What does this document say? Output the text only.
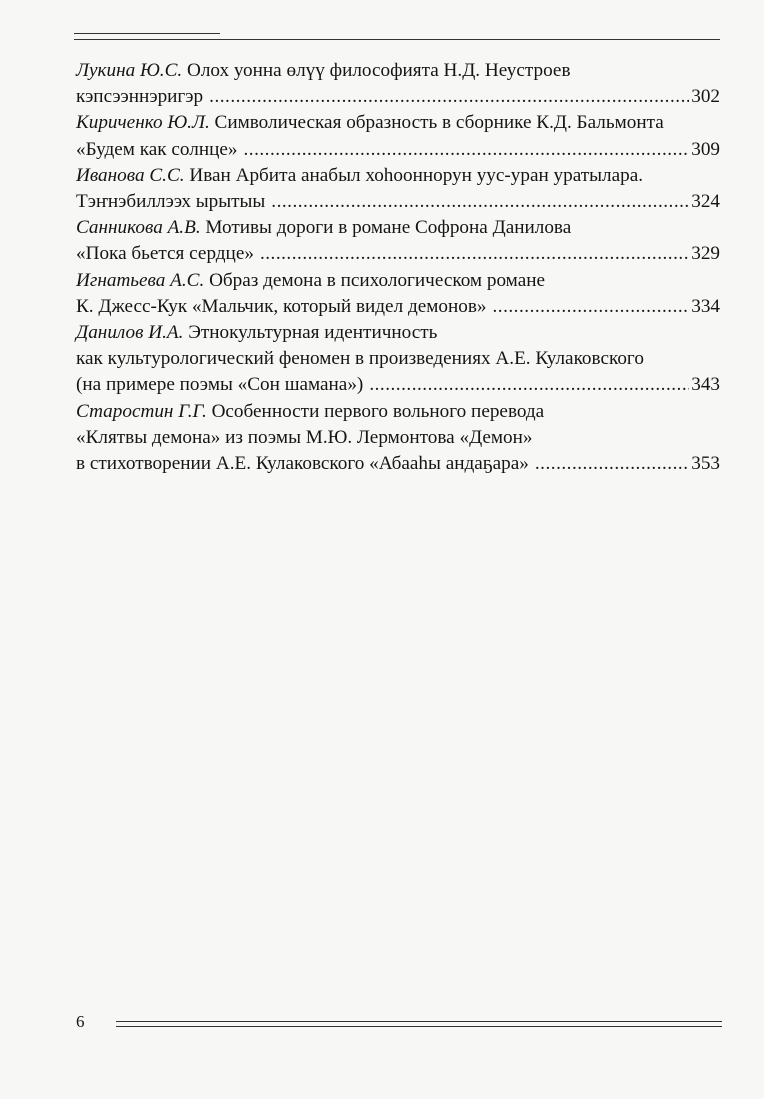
Лукина Ю.С. Олох уонна өлүү философията Н.Д. Неустроев
кэпсээннэригэр .....	302
Кириченко Ю.Л. Символическая образность в сборнике К.Д. Бальмонта
«Будем как солнце» .....	309
Иванова С.С. Иван Арбита анабыл хоһооннорун уус-уран уратылара.
Тэҥнэбиллээх ырытыы .....	324
Санникова А.В. Мотивы дороги в романе Софрона Данилова
«Пока бьется сердце» .....	329
Игнатьева А.С. Образ демона в психологическом романе
К. Джесс-Кук «Мальчик, который видел демонов» .....	334
Данилов И.А. Этнокультурная идентичность
как культурологический феномен в произведениях А.Е. Кулаковского
(на примере поэмы «Сон шамана») .....	343
Старостин Г.Г. Особенности первого вольного перевода
«Клятвы демона» из поэмы М.Ю. Лермонтова «Демон»
в стихотворении А.Е. Кулаковского «Абааһы андаҕара» .....	353
6
